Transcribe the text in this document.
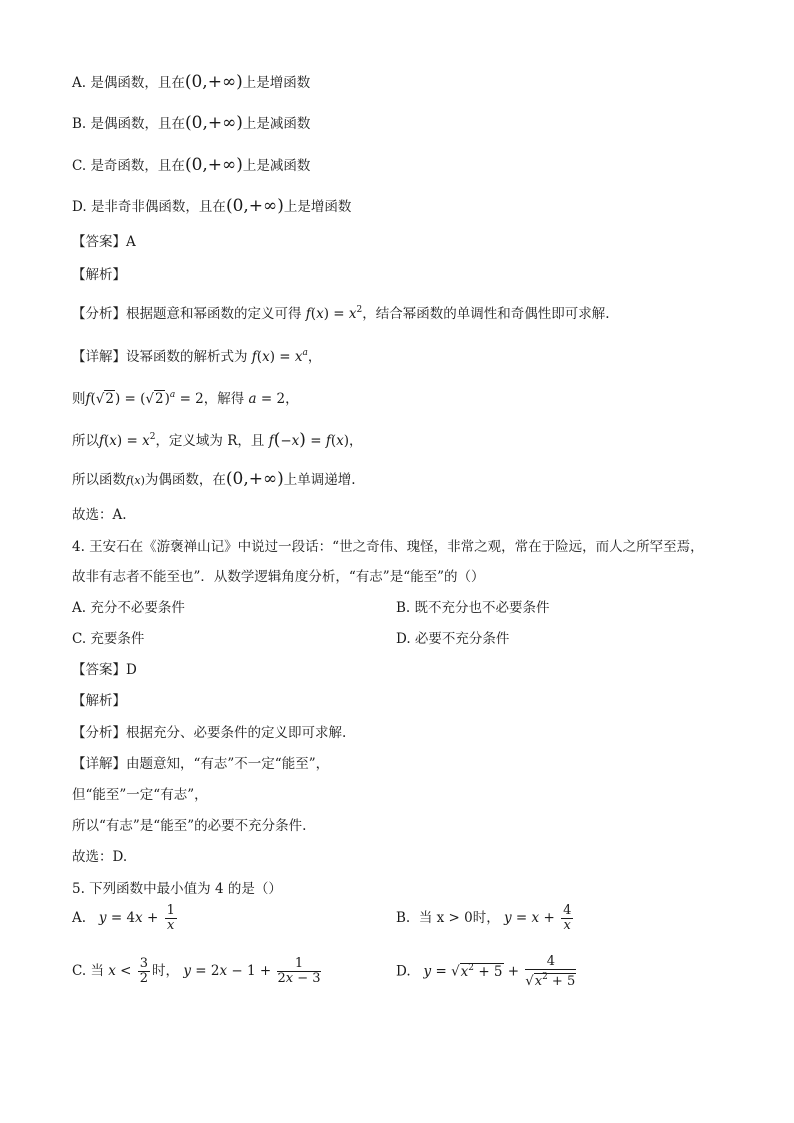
A. 是偶函数，且在(0,+∞)上是增函数
B. 是偶函数，且在(0,+∞)上是减函数
C. 是奇函数，且在(0,+∞)上是减函数
D. 是非奇非偶函数，且在(0,+∞)上是增函数
【答案】A
【解析】
【分析】根据题意和幂函数的定义可得 $f(x) = x^2$，结合幂函数的单调性和奇偶性即可求解.
【详解】设幂函数的解析式为 $f(x) = x^a$，
则$f(√2) = (√2)^a = 2$，解得 a = 2，
所以$f(x) = x^2$，定义域为 R，且 f(−x) = f(x)，
所以函数f(x)为偶函数，在(0,+∞)上单调递增.
故选：A.
4. 王安石在《游褒禅山记》中说过一段话：“世之奇伟、瑰怪，非常之观，常在于险远，而人之所罕至焉，
故非有志者不能至也”．从数学逻辑角度分析，“有志”是“能至”的（）
A. 充分不必要条件	B. 既不充分也不必要条件
C. 充要条件	D. 必要不充分条件
【答案】D
【解析】
【分析】根据充分、必要条件的定义即可求解.
【详解】由题意知，“有志”不一定“能至”，
但“能至”一定“有志”，
所以“有志”是“能至”的必要不充分条件.
故选：D.
5. 下列函数中最小值为 4 的是（）
A. $y = 4x + \frac{1}{x}$	B. 当 x > 0时， $y = x + \frac{4}{x}$
C. 当 $x < \frac{3}{2}$ 时， $y = 2x - 1 + \frac{1}{2x - 3}$	D. $y = √x^2 + 5 + \frac{4}{√x^2 + 5}$
